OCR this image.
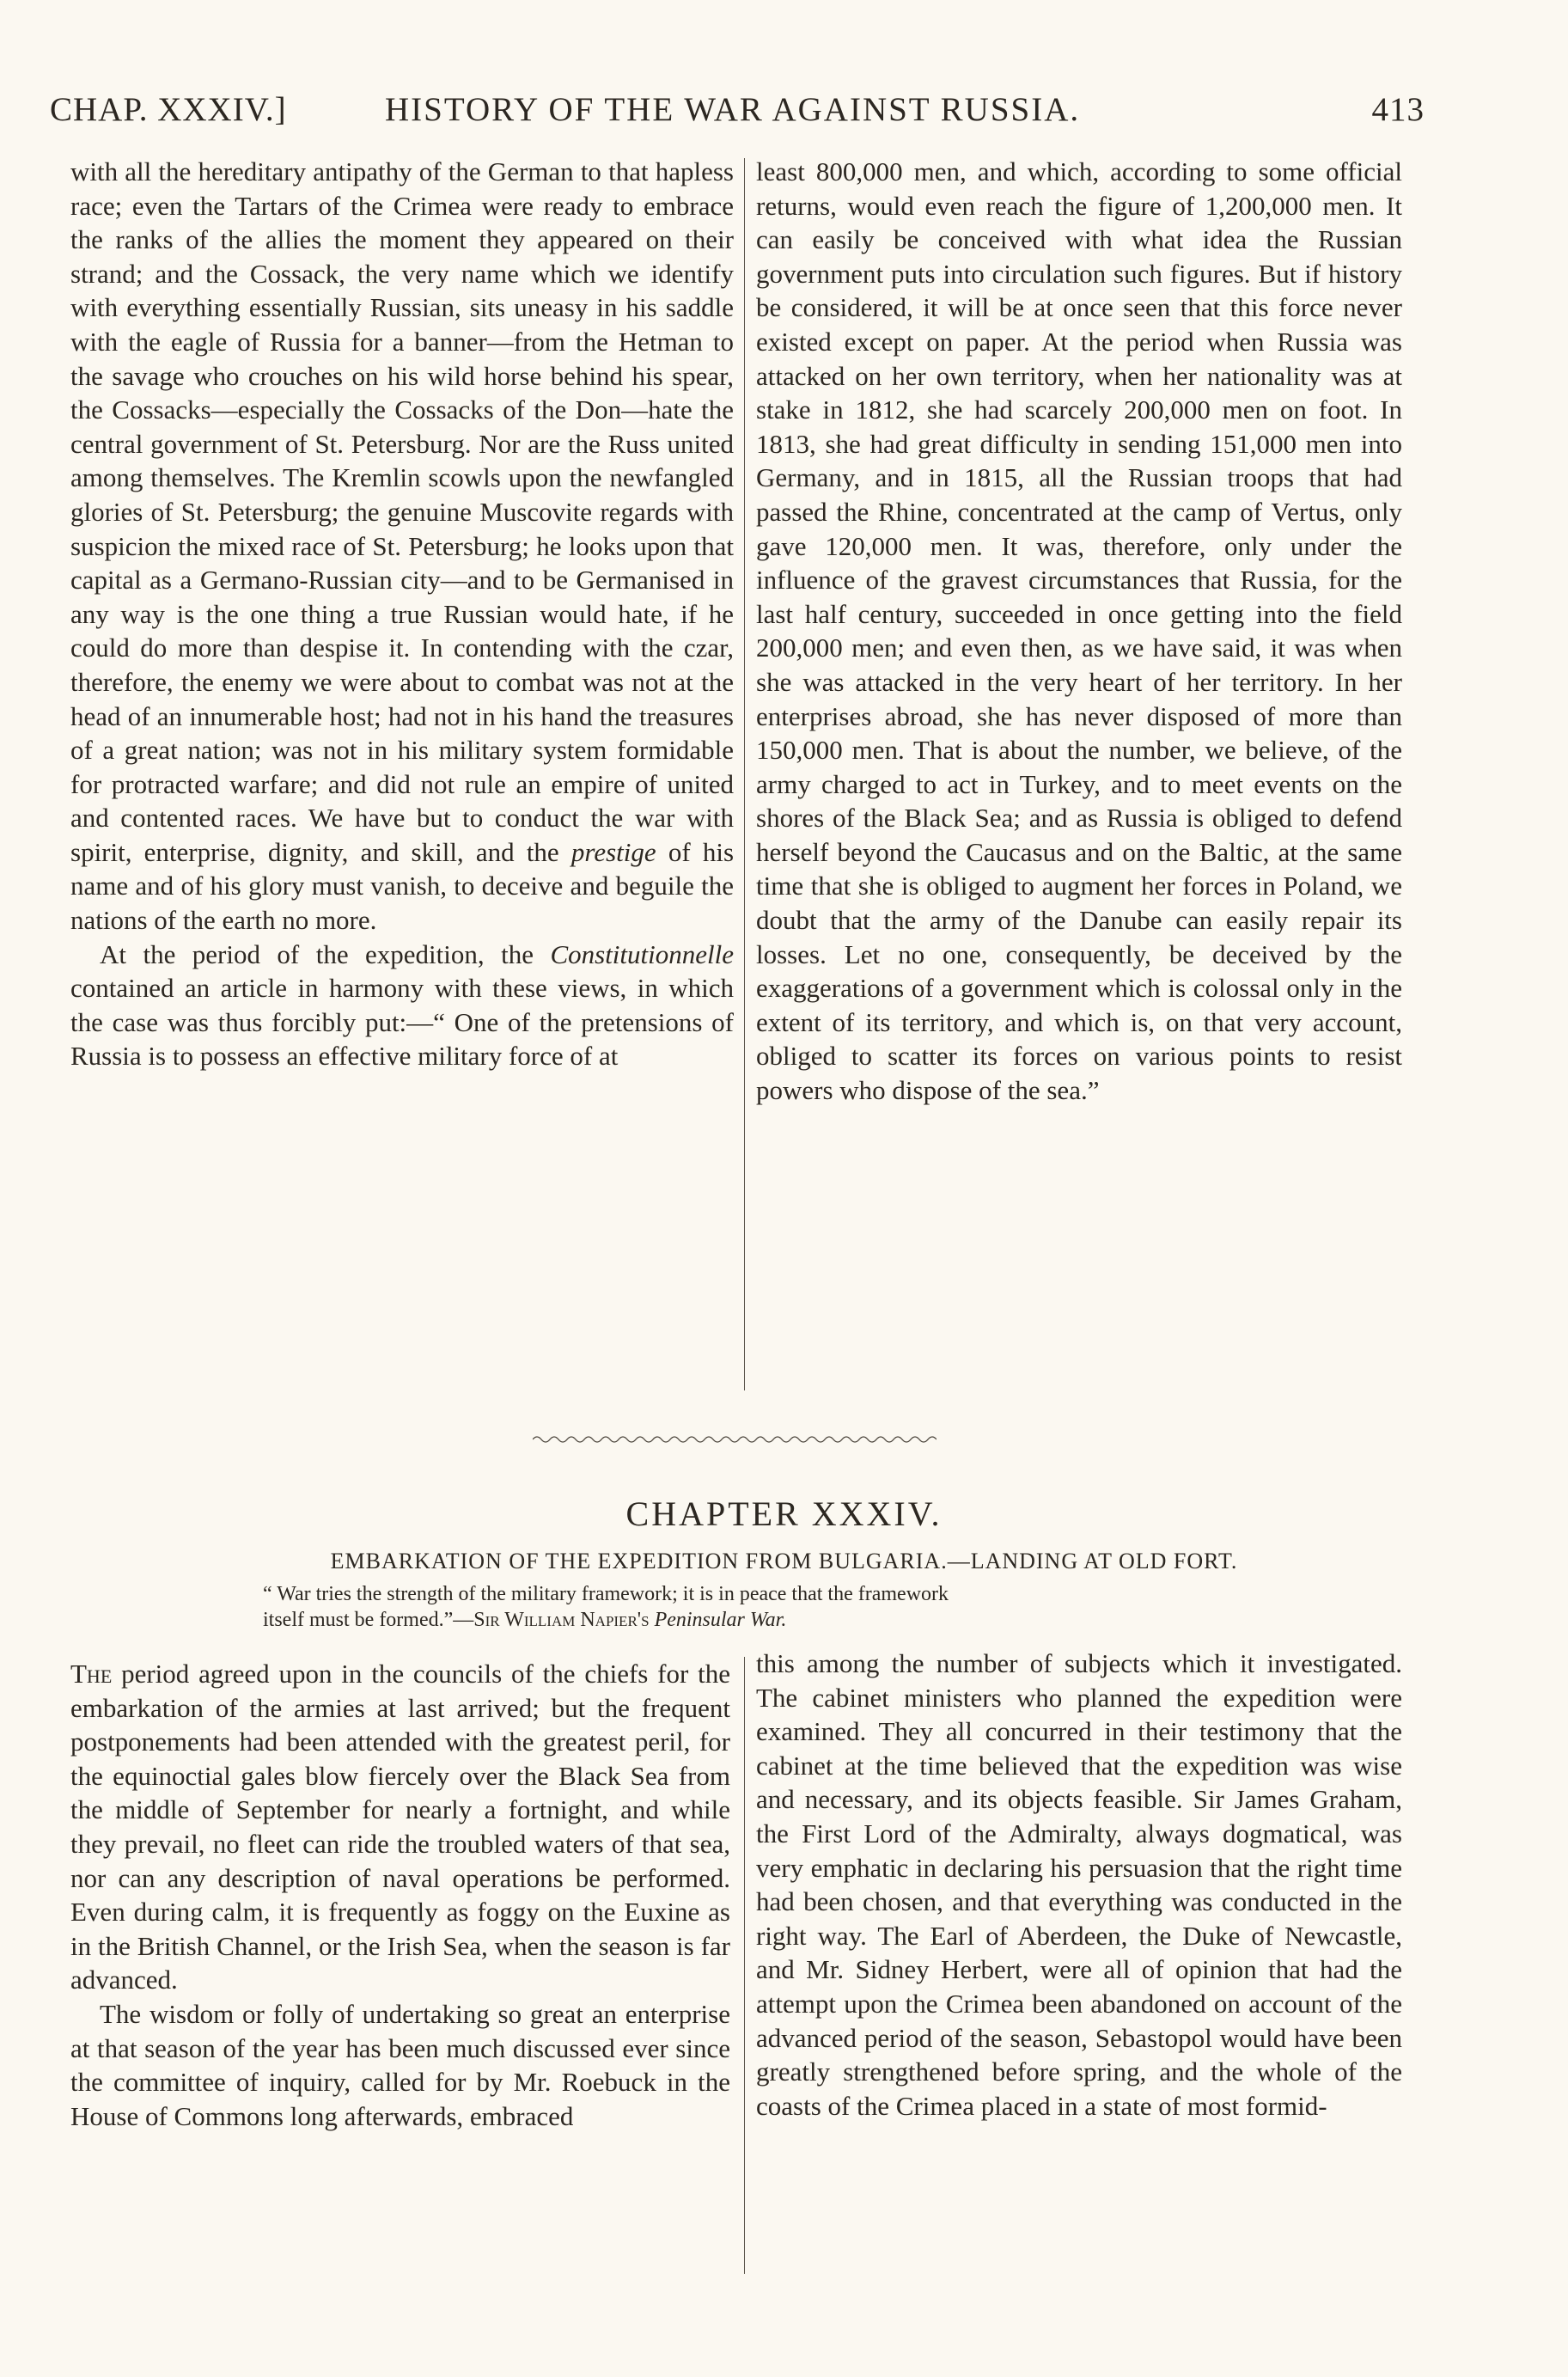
CHAP. XXXIV.]	HISTORY OF THE WAR AGAINST RUSSIA.	413

with all the hereditary antipathy of the German to that hapless race; even the Tartars of the Crimea were ready to embrace the ranks of the allies the moment they appeared on their strand; and the Cossack, the very name which we identify with everything essentially Russian, sits uneasy in his saddle with the eagle of Russia for a banner—from the Hetman to the savage who crouches on his wild horse behind his spear, the Cossacks—especially the Cossacks of the Don—hate the central government of St. Petersburg. Nor are the Russ united among themselves. The Kremlin scowls upon the newfangled glories of St. Petersburg; the genuine Muscovite regards with suspicion the mixed race of St. Petersburg; he looks upon that capital as a Germano-Russian city—and to be Germanised in any way is the one thing a true Russian would hate, if he could do more than despise it. In contending with the czar, therefore, the enemy we were about to combat was not at the head of an innumerable host; had not in his hand the treasures of a great nation; was not in his military system formidable for protracted warfare; and did not rule an empire of united and contented races. We have but to conduct the war with spirit, enterprise, dignity, and skill, and the prestige of his name and of his glory must vanish, to deceive and beguile the nations of the earth no more.

At the period of the expedition, the Constitutionnelle contained an article in harmony with these views, in which the case was thus forcibly put:—“ One of the pretensions of Russia is to possess an effective military force of at

least 800,000 men, and which, according to some official returns, would even reach the figure of 1,200,000 men. It can easily be conceived with what idea the Russian government puts into circulation such figures. But if history be considered, it will be at once seen that this force never existed except on paper. At the period when Russia was attacked on her own territory, when her nationality was at stake in 1812, she had scarcely 200,000 men on foot. In 1813, she had great difficulty in sending 151,000 men into Germany, and in 1815, all the Russian troops that had passed the Rhine, concentrated at the camp of Vertus, only gave 120,000 men. It was, therefore, only under the influence of the gravest circumstances that Russia, for the last half century, succeeded in once getting into the field 200,000 men; and even then, as we have said, it was when she was attacked in the very heart of her territory. In her enterprises abroad, she has never disposed of more than 150,000 men. That is about the number, we believe, of the army charged to act in Turkey, and to meet events on the shores of the Black Sea; and as Russia is obliged to defend herself beyond the Caucasus and on the Baltic, at the same time that she is obliged to augment her forces in Poland, we doubt that the army of the Danube can easily repair its losses. Let no one, consequently, be deceived by the exaggerations of a government which is colossal only in the extent of its territory, and which is, on that very account, obliged to scatter its forces on various points to resist powers who dispose of the sea.”

CHAPTER XXXIV.
EMBARKATION OF THE EXPEDITION FROM BULGARIA.—LANDING AT OLD FORT.
“ War tries the strength of the military framework; it is in peace that the framework
itself must be formed.”—Sir William Napier's Peninsular War.

The period agreed upon in the councils of the chiefs for the embarkation of the armies at last arrived; but the frequent postponements had been attended with the greatest peril, for the equinoctial gales blow fiercely over the Black Sea from the middle of September for nearly a fortnight, and while they prevail, no fleet can ride the troubled waters of that sea, nor can any description of naval operations be performed. Even during calm, it is frequently as foggy on the Euxine as in the British Channel, or the Irish Sea, when the season is far advanced.

The wisdom or folly of undertaking so great an enterprise at that season of the year has been much discussed ever since the committee of inquiry, called for by Mr. Roebuck in the House of Commons long afterwards, embraced

this among the number of subjects which it investigated. The cabinet ministers who planned the expedition were examined. They all concurred in their testimony that the cabinet at the time believed that the expedition was wise and necessary, and its objects feasible. Sir James Graham, the First Lord of the Admiralty, always dogmatical, was very emphatic in declaring his persuasion that the right time had been chosen, and that everything was conducted in the right way. The Earl of Aberdeen, the Duke of Newcastle, and Mr. Sidney Herbert, were all of opinion that had the attempt upon the Crimea been abandoned on account of the advanced period of the season, Sebastopol would have been greatly strengthened before spring, and the whole of the coasts of the Crimea placed in a state of most formid-
